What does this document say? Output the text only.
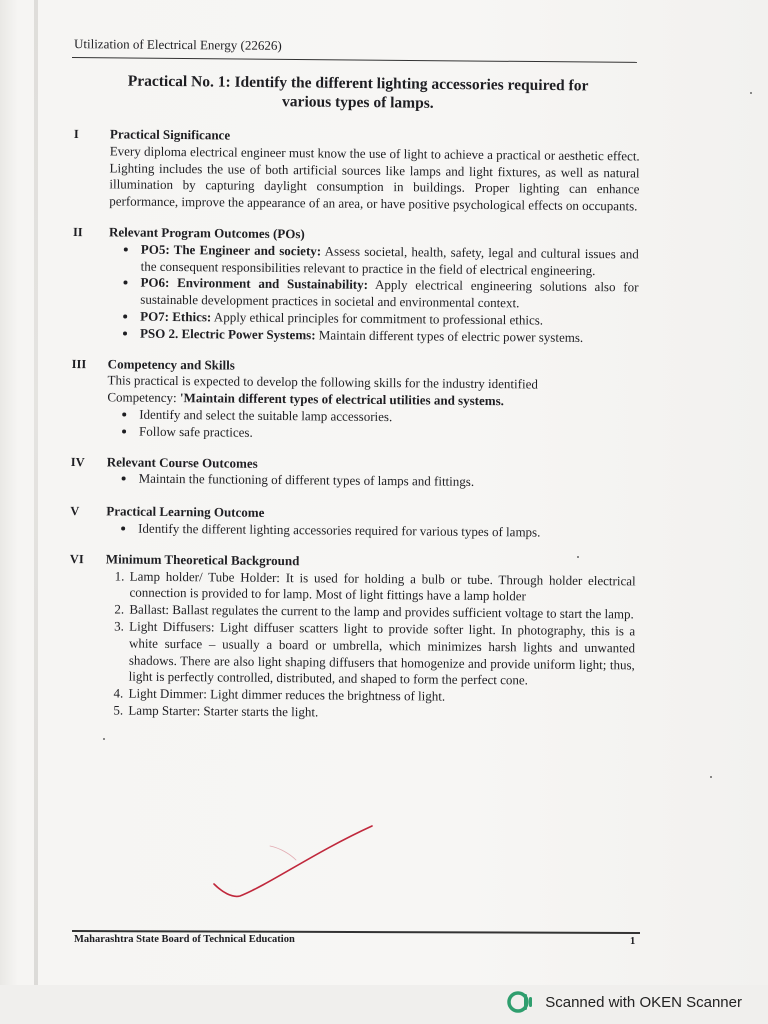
Utilization of Electrical Energy (22626)
Practical No. 1: Identify the different lighting accessories required for
various types of lamps.
I Practical Significance
Every diploma electrical engineer must know the use of light to achieve a practical or aesthetic effect. Lighting includes the use of both artificial sources like lamps and light fixtures, as well as natural illumination by capturing daylight consumption in buildings. Proper lighting can enhance performance, improve the appearance of an area, or have positive psychological effects on occupants.
II Relevant Program Outcomes (POs)
• PO5: The Engineer and society: Assess societal, health, safety, legal and cultural issues and the consequent responsibilities relevant to practice in the field of electrical engineering.
• PO6: Environment and Sustainability: Apply electrical engineering solutions also for sustainable development practices in societal and environmental context.
• PO7: Ethics: Apply ethical principles for commitment to professional ethics.
• PSO 2. Electric Power Systems: Maintain different types of electric power systems.
III Competency and Skills
This practical is expected to develop the following skills for the industry identified
Competency: 'Maintain different types of electrical utilities and systems.
• Identify and select the suitable lamp accessories.
• Follow safe practices.
IV Relevant Course Outcomes
• Maintain the functioning of different types of lamps and fittings.
V Practical Learning Outcome
• Identify the different lighting accessories required for various types of lamps.
VI Minimum Theoretical Background
1. Lamp holder/ Tube Holder: It is used for holding a bulb or tube. Through holder electrical connection is provided to for lamp. Most of light fittings have a lamp holder
2. Ballast: Ballast regulates the current to the lamp and provides sufficient voltage to start the lamp.
3. Light Diffusers: Light diffuser scatters light to provide softer light. In photography, this is a white surface – usually a board or umbrella, which minimizes harsh lights and unwanted shadows. There are also light shaping diffusers that homogenize and provide uniform light; thus, light is perfectly controlled, distributed, and shaped to form the perfect cone.
4. Light Dimmer: Light dimmer reduces the brightness of light.
5. Lamp Starter: Starter starts the light.
Maharashtra State Board of Technical Education	1
Scanned with OKEN Scanner
